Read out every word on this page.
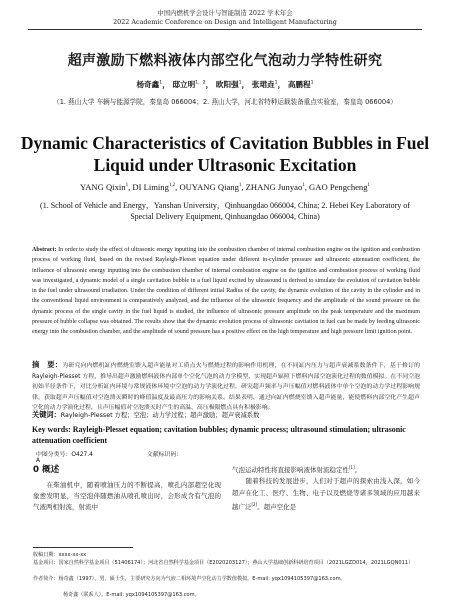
中国内燃机学会设计与智能制造 2022 学术年会
2022 Academic Conference on Design and Intelligent Manufacturing
超声激励下燃料液体内部空化气泡动力学特性研究
杨奇鑫$^1$， 邸立明$^{1,2}$， 欧阳强$^1$， 张珺垚$^1$， 高鹏程$^1$
（1. 燕山大学 车辆与能源学院，秦皇岛 066004；2. 燕山大学，河北省特种运载装备重点实验室，秦皇岛 066004）
Dynamic Characteristics of Cavitation Bubbles in Fuel Liquid under Ultrasonic Excitation
YANG Qixin$^1$, DI Liming$^{1,2}$, OUYANG Qiang$^1$, ZHANG Junyao$^1$, GAO Pengcheng$^1$
(1. School of Vehicle and Energy，Yanshan University，Qinhuangdao 066004, China; 2. Hebei Key Laboratory of Special Delivery Equipment, Qinhuangdao 066004, China)
Abstract: In order to study the effect of ultrasonic energy inputting into the combustion chamber of internal combustion engine on the ignition and combustion process of working fluid, based on the revised Rayleigh-Plesset equation under different in-cylinder pressure and ultrasonic attenuation coefficient, the influence of ultrasonic energy inputting into the combustion chamber of internal combustion engine on the ignition and combustion process of working fluid was investigated, a dynamic model of a single cavitation bubble in a fuel liquid excited by ultrasound is derived to simulate the evolution of cavitation bubble in the fuel under ultrasound irradiation. Under the condition of different initial Radius of the cavity, the dynamic evolution of the cavity in the cylinder and in the conventional liquid environment is comparatively analyzed, and the influence of the ultrasonic frequency and the amplitude of the sound pressure on the dynamic process of the single cavity in the fuel liquid is studied, the influence of ultrasonic pressure amplitude on the peak temperature and the maximum pressure of bubble collapse was obtained. The results show that the dynamic evolution process of ultrasonic cavitation in fuel can be made by feeding ultrasonic energy into the combustion chamber, and the amplitude of sound pressure has a positive effect on the high temperature and high pressure limit ignition point.
摘　要：为研究向内燃机缸内燃烧室馈入超声能量对工质点火与燃烧过程的影响作用机理，在不同缸内压力与超声衰减系数条件下，基于修订的 Rayleigh-Plesset 方程，推导出超声激励燃料液体内部单个空化气泡的动力学模型，实现超声辐照下燃料内部空泡演化过程的数值模拟。在不同空泡初始半径条件下，对比分析缸内环境与常规液体环境中空泡的动力学演化过程，研究超声频率与声压幅值对燃料液体中单个空泡的动力学过程影响规律，获取超声声压幅值对空泡溃灭瞬时的峰值温度及最高压力的影响关系。结果表明，通过向缸内燃烧室馈入超声能量，能使燃料内部空化产生超声空化的动力学演化过程，且声压幅值对空泡溃灭时产生的高温、高压极限燃点具有积极影响。
关键词：Rayleigh-Plesset 方程；空泡；动力学过程；超声激励；超声衰减系数
Key words: Rayleigh-Plesset equation; cavitation bubbles; dynamic process; ultrasound stimulation; ultrasonic attenuation coefficient
中图分类号：O427.4	文献标识码：A
0 概述
　　在柴油机中，随着喷油压力的不断提高，喷孔内部超空化现象愈发明显，当空泡伴随燃油从喷孔喷出时，会形成含有气泡的气液两相射流，射流中
气泡运动特性将直接影响液体射流稳定性[1]。
　　随着科技的发展进步，人们对于超声的探索由浅入深，如今超声在化工、医疗、生物、电子以及燃烧等诸多领域的应用越来越广泛[2]。超声空化是
收稿日期：xxxx-xx-xx
基金项目：国家自然科学基金项目（51406174）；河北省自然科学基金项目（E2020203127）；燕山大学基础创新科研培育项目（2021LGZD014，2021LGQN011）
作者简介：杨奇鑫（1997），男，硕士生，主要研究方向为气液二相环境声空化动力学数值模拟，E-mail: yqx1094105397@163.com。
杨奇鑫（联系人）。E-mail: yqx1094105397@163.com。
